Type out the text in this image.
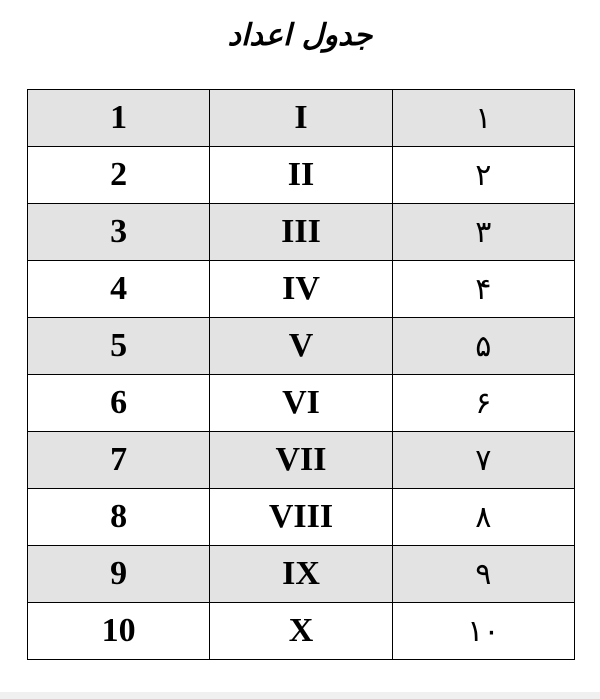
جدول اعداد
1	I	۱
2	II	۲
3	III	۳
4	IV	۴
5	V	۵
6	VI	۶
7	VII	۷
8	VIII	۸
9	IX	۹
10	X	۱۰
